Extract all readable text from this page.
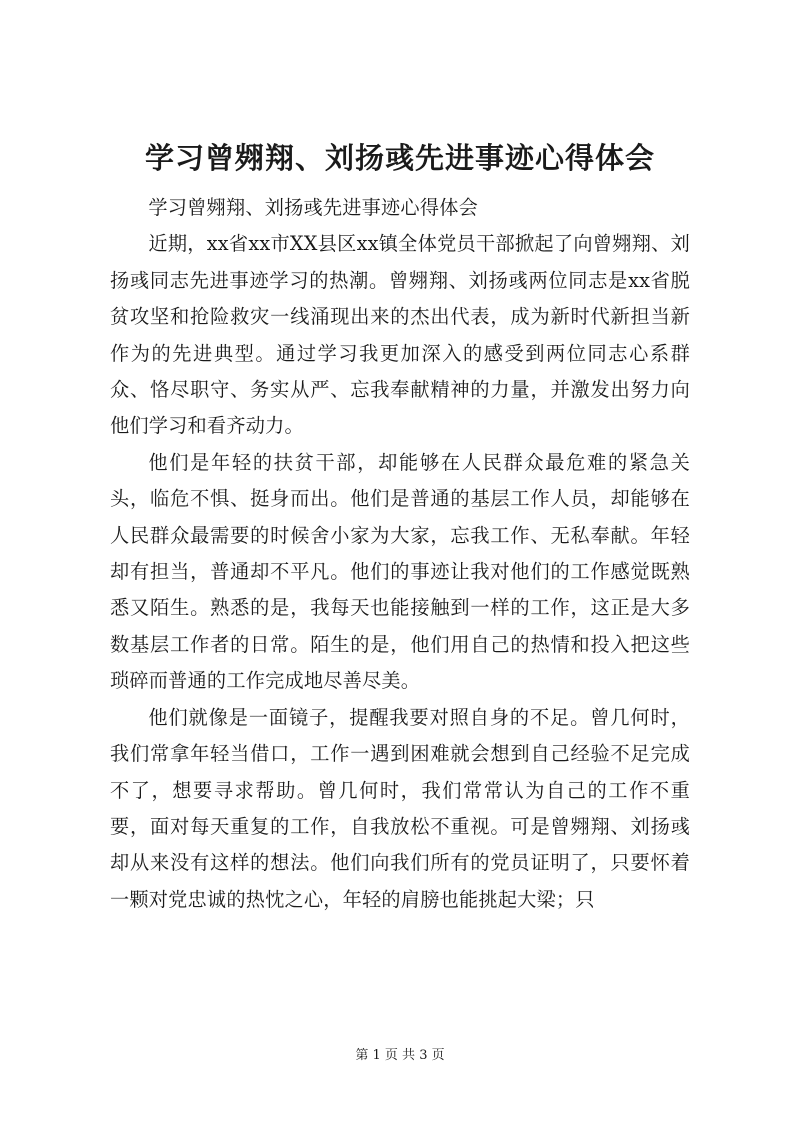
学习曾翙翔、刘扬彧先进事迹心得体会

学习曾翙翔、刘扬彧先进事迹心得体会

近期，xx省xx市XX县区xx镇全体党员干部掀起了向曾翙翔、刘扬彧同志先进事迹学习的热潮。曾翙翔、刘扬彧两位同志是xx省脱贫攻坚和抢险救灾一线涌现出来的杰出代表，成为新时代新担当新作为的先进典型。通过学习我更加深入的感受到两位同志心系群众、恪尽职守、务实从严、忘我奉献精神的力量，并激发出努力向他们学习和看齐动力。

他们是年轻的扶贫干部，却能够在人民群众最危难的紧急关头，临危不惧、挺身而出。他们是普通的基层工作人员，却能够在人民群众最需要的时候舍小家为大家，忘我工作、无私奉献。年轻却有担当，普通却不平凡。他们的事迹让我对他们的工作感觉既熟悉又陌生。熟悉的是，我每天也能接触到一样的工作，这正是大多数基层工作者的日常。陌生的是，他们用自己的热情和投入把这些琐碎而普通的工作完成地尽善尽美。

他们就像是一面镜子，提醒我要对照自身的不足。曾几何时，我们常拿年轻当借口，工作一遇到困难就会想到自己经验不足完成不了，想要寻求帮助。曾几何时，我们常常认为自己的工作不重要，面对每天重复的工作，自我放松不重视。可是曾翙翔、刘扬彧却从来没有这样的想法。他们向我们所有的党员证明了，只要怀着一颗对党忠诚的热忱之心，年轻的肩膀也能挑起大梁；只

第 1 页 共 3 页
